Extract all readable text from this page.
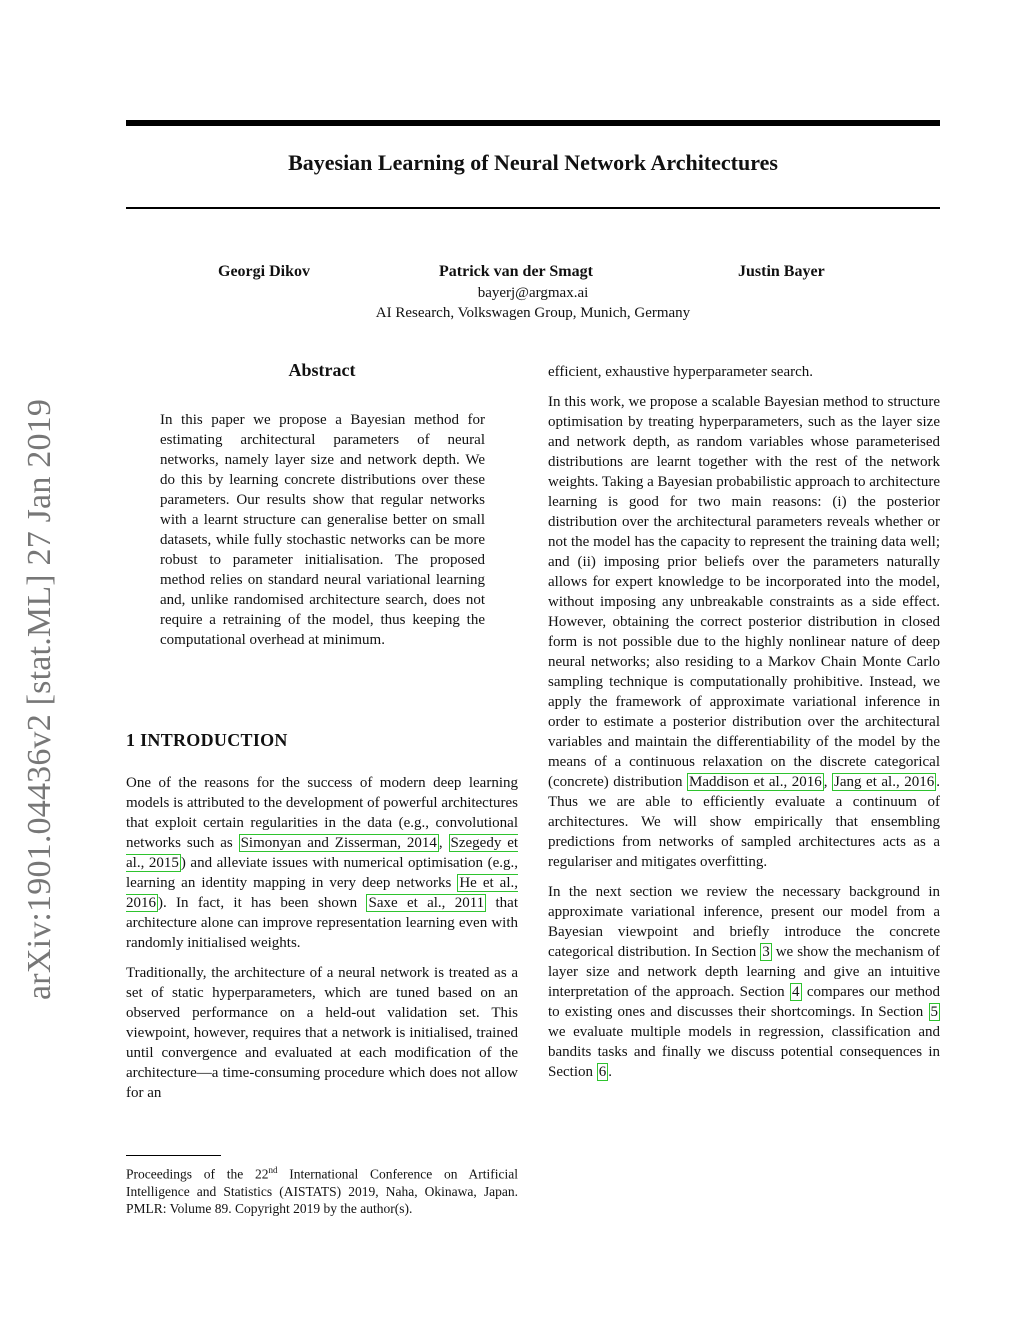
arXiv:1901.04436v2 [stat.ML] 27 Jan 2019
Bayesian Learning of Neural Network Architectures
Georgi Dikov	Patrick van der Smagt	Justin Bayer
bayerj@argmax.ai
AI Research, Volkswagen Group, Munich, Germany
Abstract
In this paper we propose a Bayesian method for estimating architectural parameters of neural networks, namely layer size and network depth. We do this by learning concrete distributions over these parameters. Our results show that regular networks with a learnt structure can generalise better on small datasets, while fully stochastic networks can be more robust to parameter initialisation. The proposed method relies on standard neural variational learning and, unlike randomised architecture search, does not require a retraining of the model, thus keeping the computational overhead at minimum.
1 INTRODUCTION

One of the reasons for the success of modern deep learning models is attributed to the development of powerful architectures that exploit certain regularities in the data (e.g., convolutional networks such as Simonyan and Zisserman, 2014 , Szegedy et al., 2015 ) and alleviate issues with numerical optimisation (e.g., learning an identity mapping in very deep networks He et al., 2016 ). In fact, it has been shown Saxe et al., 2011 that architecture alone can improve representation learning even with randomly initialised weights.

Traditionally, the architecture of a neural network is treated as a set of static hyperparameters, which are tuned based on an observed performance on a held-out validation set. This viewpoint, however, requires that a network is initialised, trained until convergence and evaluated at each modification of the architecture—a time-consuming procedure which does not allow for an

efficient, exhaustive hyperparameter search.

In this work, we propose a scalable Bayesian method to structure optimisation by treating hyperparameters, such as the layer size and network depth, as random variables whose parameterised distributions are learnt together with the rest of the network weights. Taking a Bayesian probabilistic approach to architecture learning is good for two main reasons: (i) the posterior distribution over the architectural parameters reveals whether or not the model has the capacity to represent the training data well; and (ii) imposing prior beliefs over the parameters naturally allows for expert knowledge to be incorporated into the model, without imposing any unbreakable constraints as a side effect. However, obtaining the correct posterior distribution in closed form is not possible due to the highly nonlinear nature of deep neural networks; also residing to a Markov Chain Monte Carlo sampling technique is computationally prohibitive. Instead, we apply the framework of approximate variational inference in order to estimate a posterior distribution over the architectural variables and maintain the differentiability of the model by the means of a continuous relaxation on the discrete categorical (concrete) distribution Maddison et al., 2016 , Jang et al., 2016 . Thus we are able to efficiently evaluate a continuum of architectures. We will show empirically that ensembling predictions from networks of sampled architectures acts as a regulariser and mitigates overfitting.

In the next section we review the necessary background in approximate variational inference, present our model from a Bayesian viewpoint and briefly introduce the concrete categorical distribution. In Section 3 we show the mechanism of layer size and network depth learning and give an intuitive interpretation of the approach. Section 4 compares our method to existing ones and discusses their shortcomings. In Section 5 we evaluate multiple models in regression, classification and bandits tasks and finally we discuss potential consequences in Section 6 .

Proceedings of the 22nd International Conference on Artificial Intelligence and Statistics (AISTATS) 2019, Naha, Okinawa, Japan. PMLR: Volume 89. Copyright 2019 by the author(s).
